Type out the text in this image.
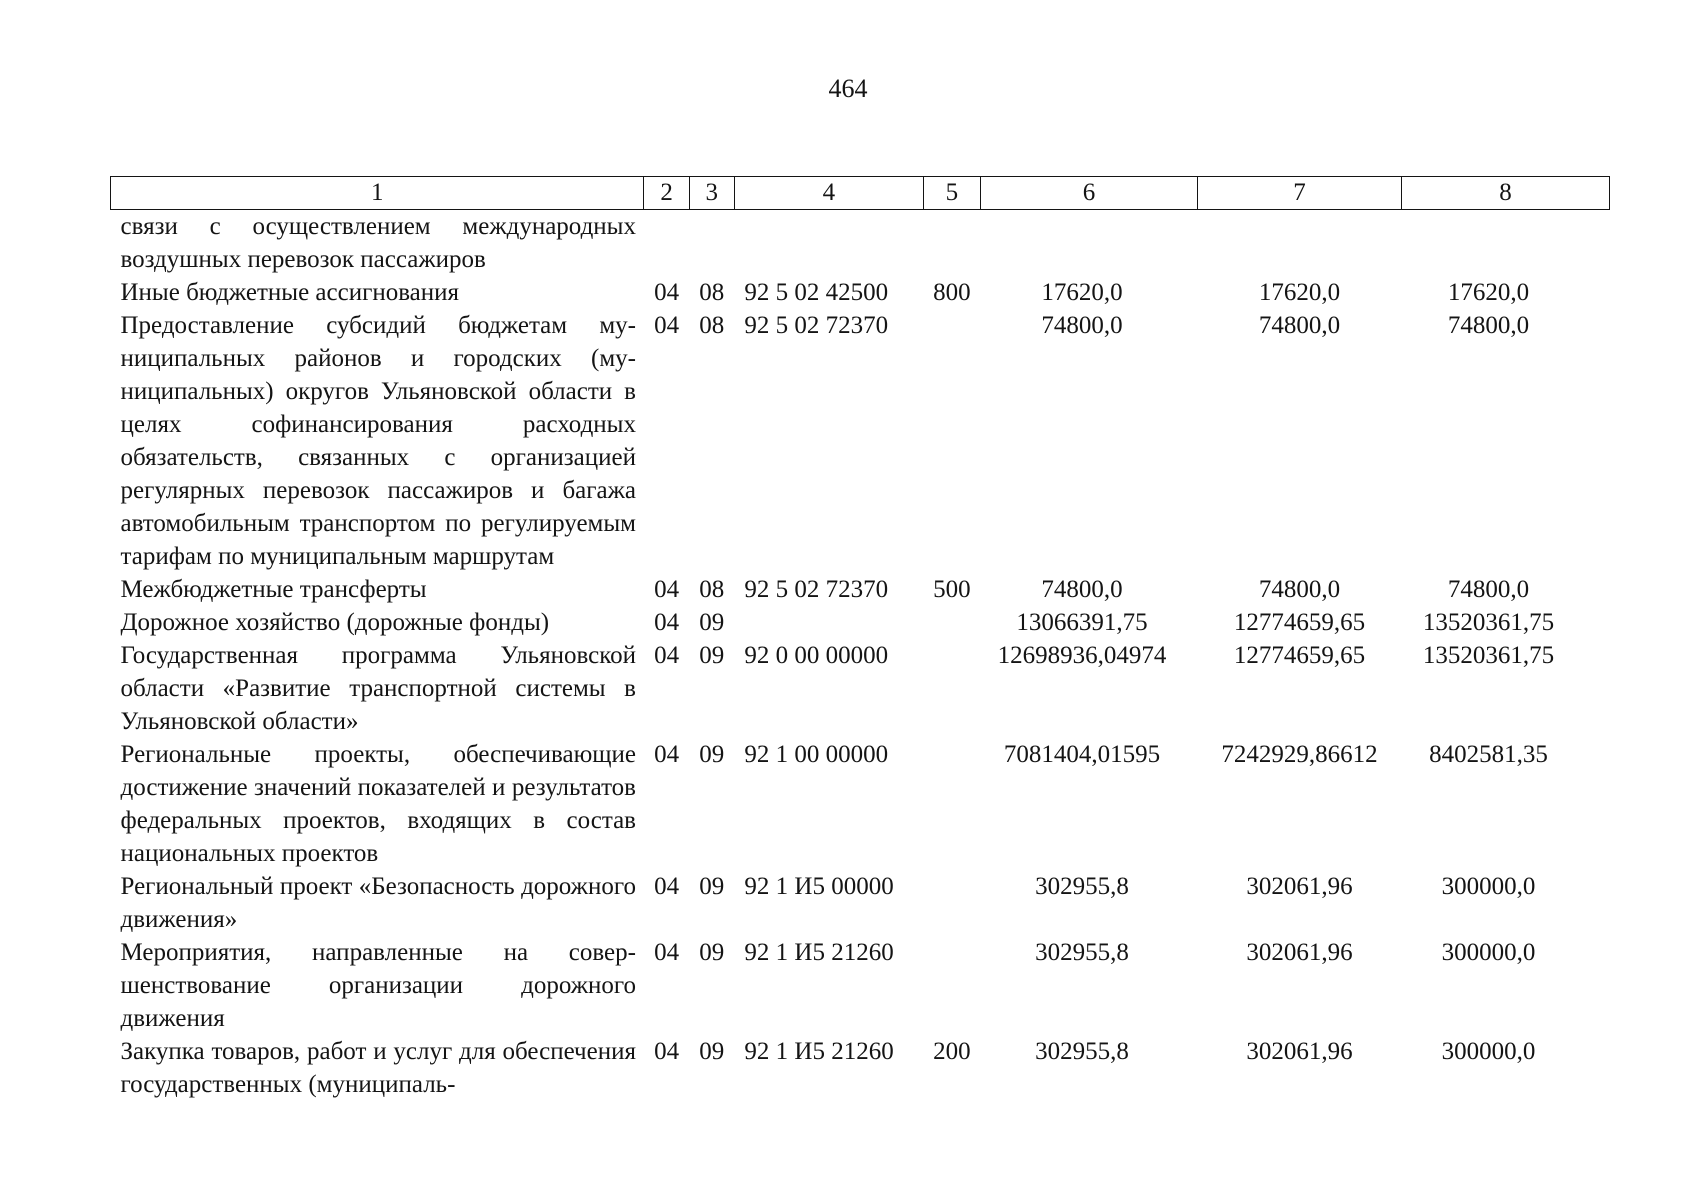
464
1	2	3	4	5	6	7	8
связи с осуществлением международных воздушных перевозок пассажиров							
Иные бюджетные ассигнования	04	08	92 5 02 42500	800	17620,0	17620,0	17620,0
Предоставление субсидий бюджетам муниципальных районов и городских (муниципальных) округов Ульяновской области в целях софинансирования расходных обязательств, связанных с организацией регулярных перевозок пассажиров и багажа автомобильным транспортом по регулируемым тарифам по муниципальным маршрутам	04	08	92 5 02 72370		74800,0	74800,0	74800,0
Межбюджетные трансферты	04	08	92 5 02 72370	500	74800,0	74800,0	74800,0
Дорожное хозяйство (дорожные фонды)	04	09			13066391,75	12774659,65	13520361,75
Государственная программа Ульяновской области «Развитие транспортной системы в Ульяновской области»	04	09	92 0 00 00000		12698936,04974	12774659,65	13520361,75
Региональные проекты, обеспечивающие достижение значений показателей и результатов федеральных проектов, входящих в состав национальных проектов	04	09	92 1 00 00000		7081404,01595	7242929,86612	8402581,35
Региональный проект «Безопасность дорожного движения»	04	09	92 1 И5 00000		302955,8	302061,96	300000,0
Мероприятия, направленные на совершенствование организации дорожного движения	04	09	92 1 И5 21260		302955,8	302061,96	300000,0
Закупка товаров, работ и услуг для обеспечения государственных (муниципаль-	04	09	92 1 И5 21260	200	302955,8	302061,96	300000,0
